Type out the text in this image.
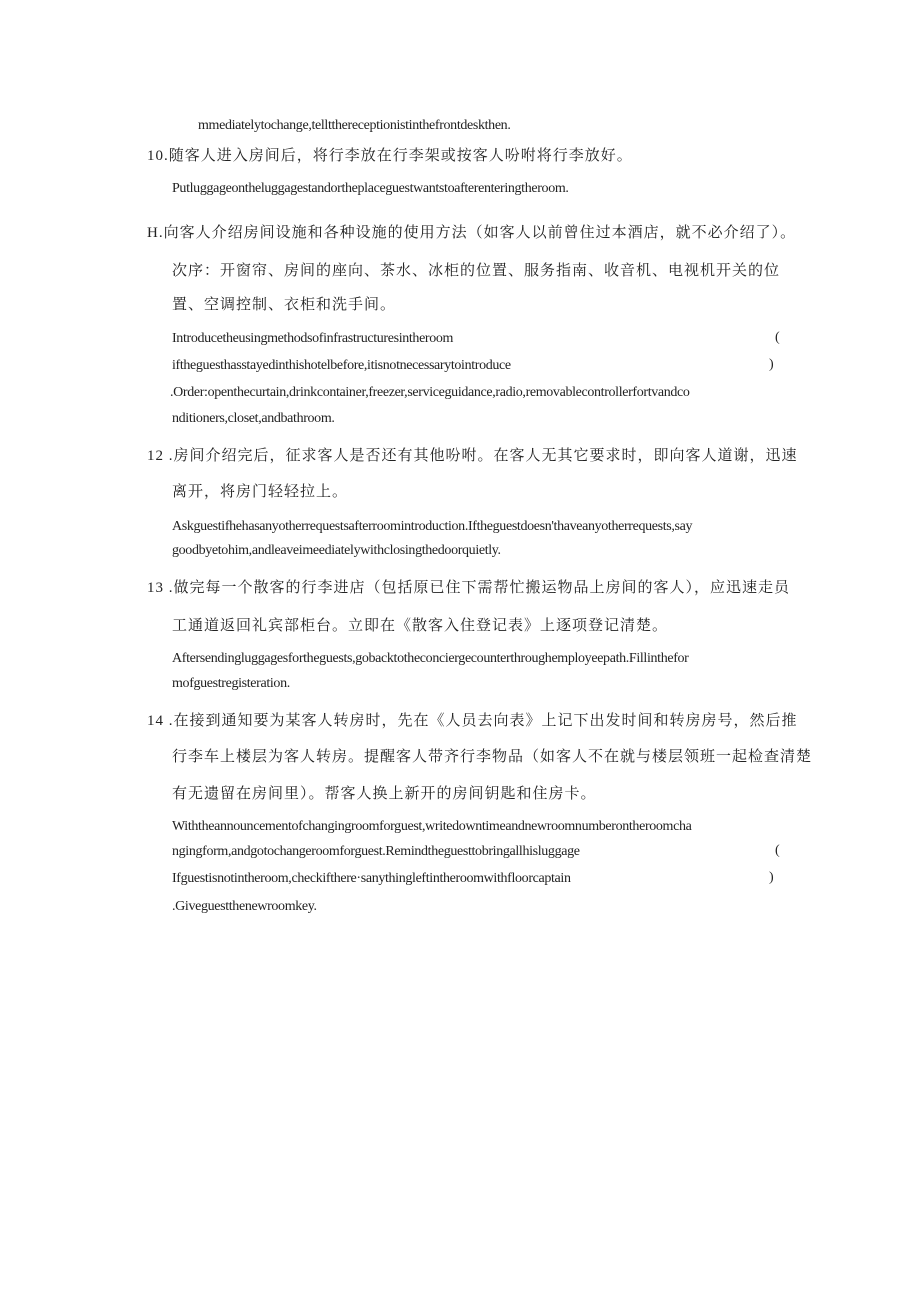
mmediatelytochange,telltthereceptionistinthefrontdeskthen.
10.随客人进入房间后，将行李放在行李架或按客人吩咐将行李放好。
Putluggageontheluggagestandortheplaceguestwantstoafterenteringtheroom.
H.向客人介绍房间设施和各种设施的使用方法（如客人以前曾住过本酒店，就不必介绍了）。
次序：开窗帘、房间的座向、茶水、冰柜的位置、服务指南、收音机、电视机开关的位
置、空调控制、衣柜和洗手间。
Introducetheusingmethodsofinfrastructuresintheroom	(
iftheguesthasstayedinthishotelbefore,itisnotnecessarytointroduce	)
.Order:openthecurtain,drinkcontainer,freezer,serviceguidance,radio,removablecontrollerfortvandco
nditioners,closet,andbathroom.
12 .房间介绍完后，征求客人是否还有其他吩咐。在客人无其它要求时，即向客人道谢，迅速
离开，将房门轻轻拉上。
Askguestifhehasanyotherrequestsafterroomintroduction.Iftheguestdoesn'thaveanyotherrequests,say
goodbyetohim,andleaveimeediatelywithclosingthedoorquietly.
13 .做完每一个散客的行李进店（包括原已住下需帮忙搬运物品上房间的客人），应迅速走员
工通道返回礼宾部柜台。立即在《散客入住登记表》上逐项登记清楚。
Aftersendingluggagesfortheguests,gobacktotheconciergecounterthroughemployeepath.Fillinthefor
mofguestregisteration.
14 .在接到通知要为某客人转房时，先在《人员去向表》上记下出发时间和转房房号，然后推
行李车上楼层为客人转房。提醒客人带齐行李物品（如客人不在就与楼层领班一起检查清楚
有无遗留在房间里）。帮客人换上新开的房间钥匙和住房卡。
Withtheannouncementofchangingroomforguest,writedowntimeandnewroomnumberontheroomcha
ngingform,andgotochangeroomforguest.Remindtheguesttobringallhisluggage	(
Ifguestisnotintheroom,checkifthere·sanythingleftintheroomwithfloorcaptain	)
.Giveguestthenewroomkey.
